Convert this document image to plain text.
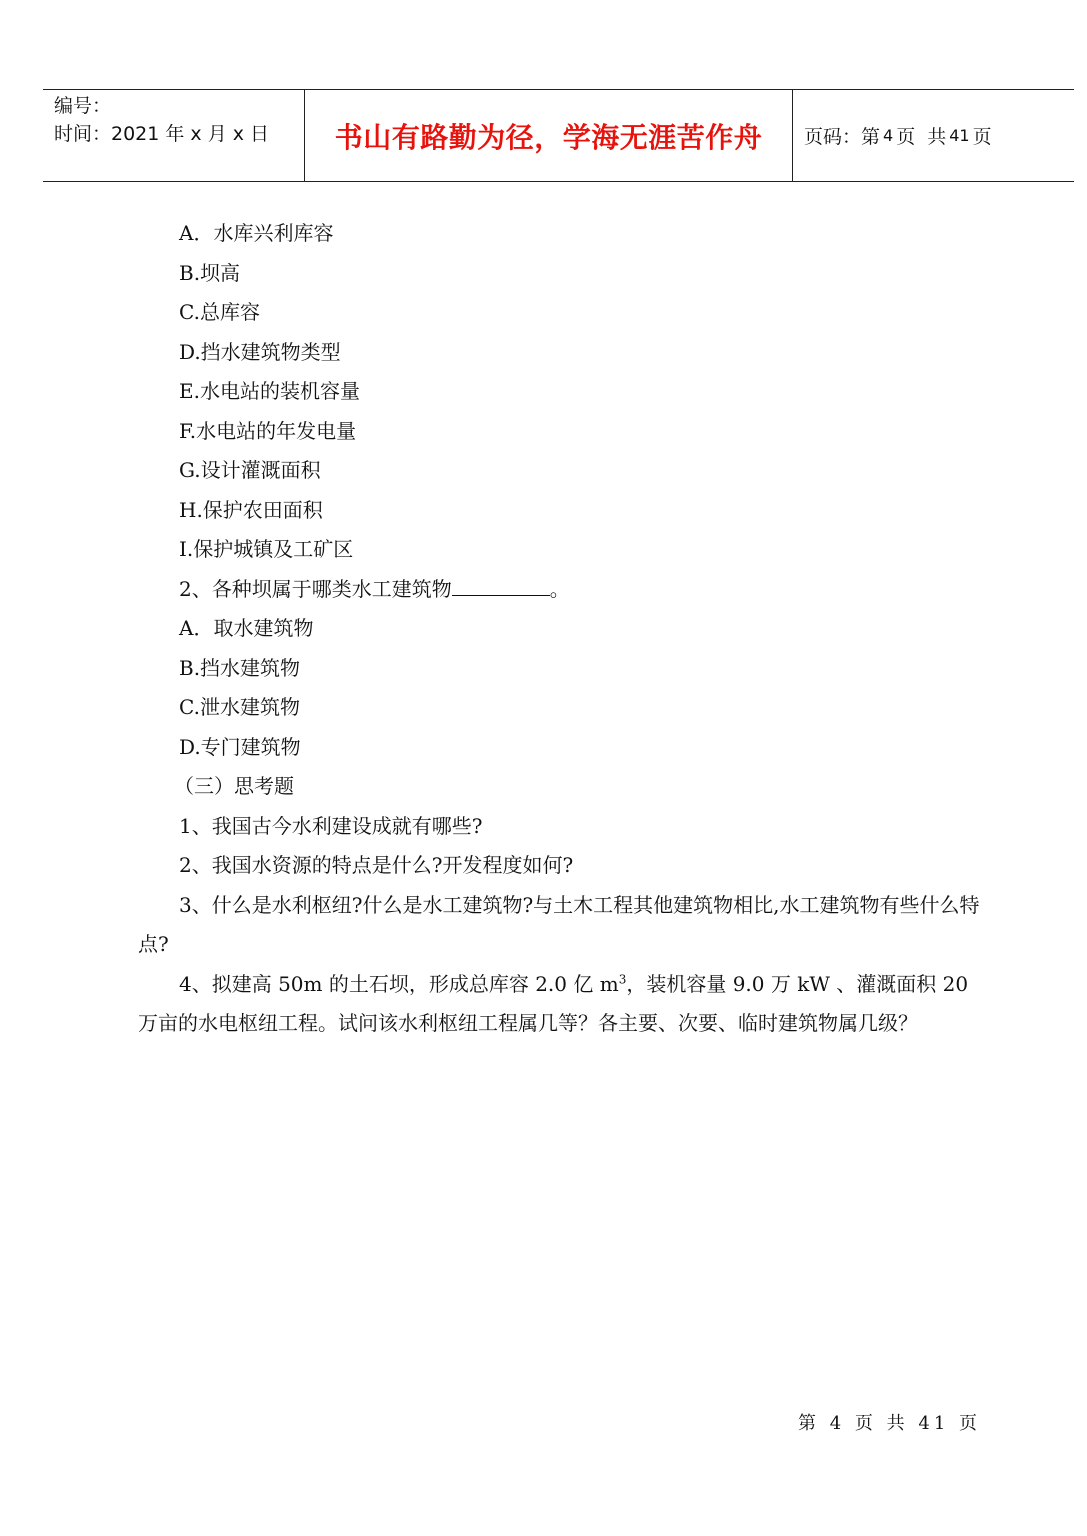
编号：
时间：2021 年 x 月 x 日	书山有路勤为径，学海无涯苦作舟 页码：第 4 页 共 41 页
A．水库兴利库容
B.坝高
C.总库容
D.挡水建筑物类型
E.水电站的装机容量
F.水电站的年发电量
G.设计灌溉面积
H.保护农田面积
I.保护城镇及工矿区
2、各种坝属于哪类水工建筑物	。
A．取水建筑物
B.挡水建筑物
C.泄水建筑物
D.专门建筑物
（三）思考题
1、我国古今水利建设成就有哪些?
2、我国水资源的特点是什么?开发程度如何?
3、什么是水利枢纽?什么是水工建筑物?与土木工程其他建筑物相比,水工建筑物有些什么特点?
4、拟建高 50m 的土石坝，形成总库容 2.0 亿 $m^3$，装机容量 9.0 万 kW 、灌溉面积 20 万亩的水电枢纽工程。试问该水利枢纽工程属几等？各主要、次要、临时建筑物属几级？
第 4 页 共 41 页
